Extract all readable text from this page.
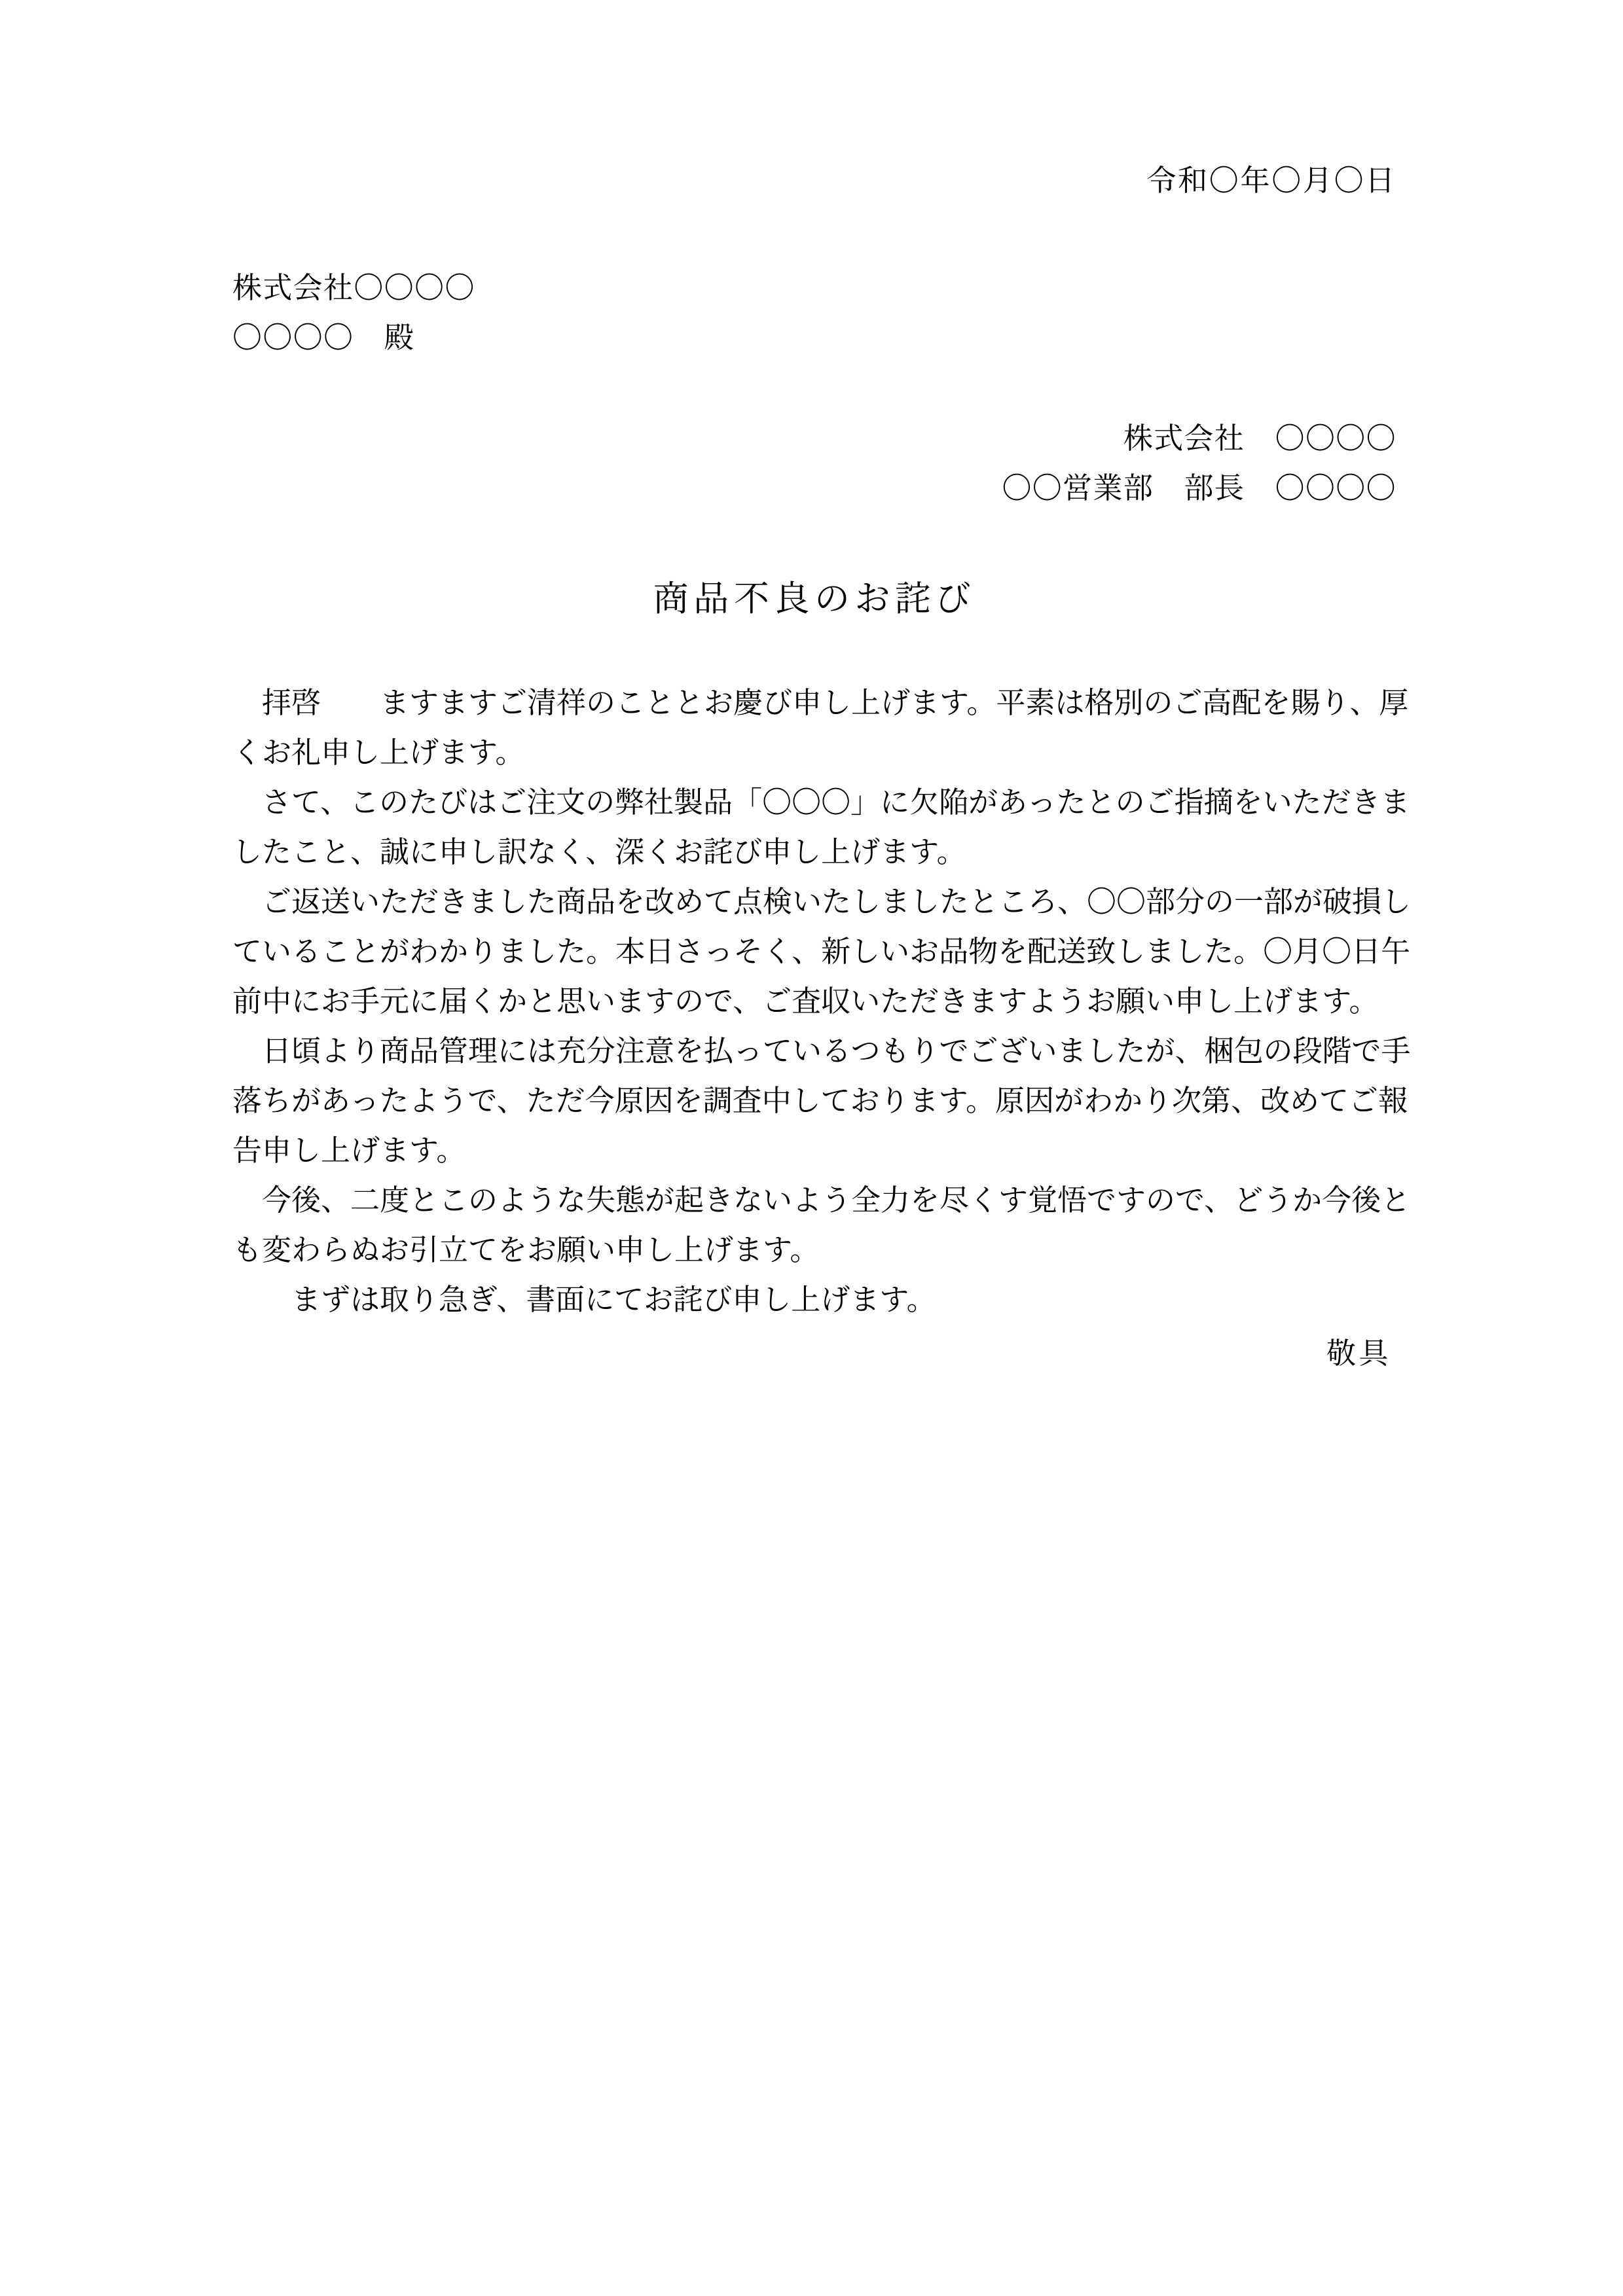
令和〇年〇月〇日
株式会社〇〇〇〇
〇〇〇〇　殿
株式会社　〇〇〇〇
〇〇営業部　部長　〇〇〇〇
商品不良のお詫び
　拝啓　　ますますご清祥のこととお慶び申し上げます。平素は格別のご高配を賜り、厚
くお礼申し上げます。
　さて、このたびはご注文の弊社製品「〇〇〇」に欠陥があったとのご指摘をいただきま
したこと、誠に申し訳なく、深くお詫び申し上げます。
　ご返送いただきました商品を改めて点検いたしましたところ、〇〇部分の一部が破損し
ていることがわかりました。本日さっそく、新しいお品物を配送致しました。〇月〇日午
前中にお手元に届くかと思いますので、ご査収いただきますようお願い申し上げます。
　日頃より商品管理には充分注意を払っているつもりでございましたが、梱包の段階で手
落ちがあったようで、ただ今原因を調査中しております。原因がわかり次第、改めてご報
告申し上げます。
　今後、二度とこのような失態が起きないよう全力を尽くす覚悟ですので、どうか今後と
も変わらぬお引立てをお願い申し上げます。
　　まずは取り急ぎ、書面にてお詫び申し上げます。
敬具
